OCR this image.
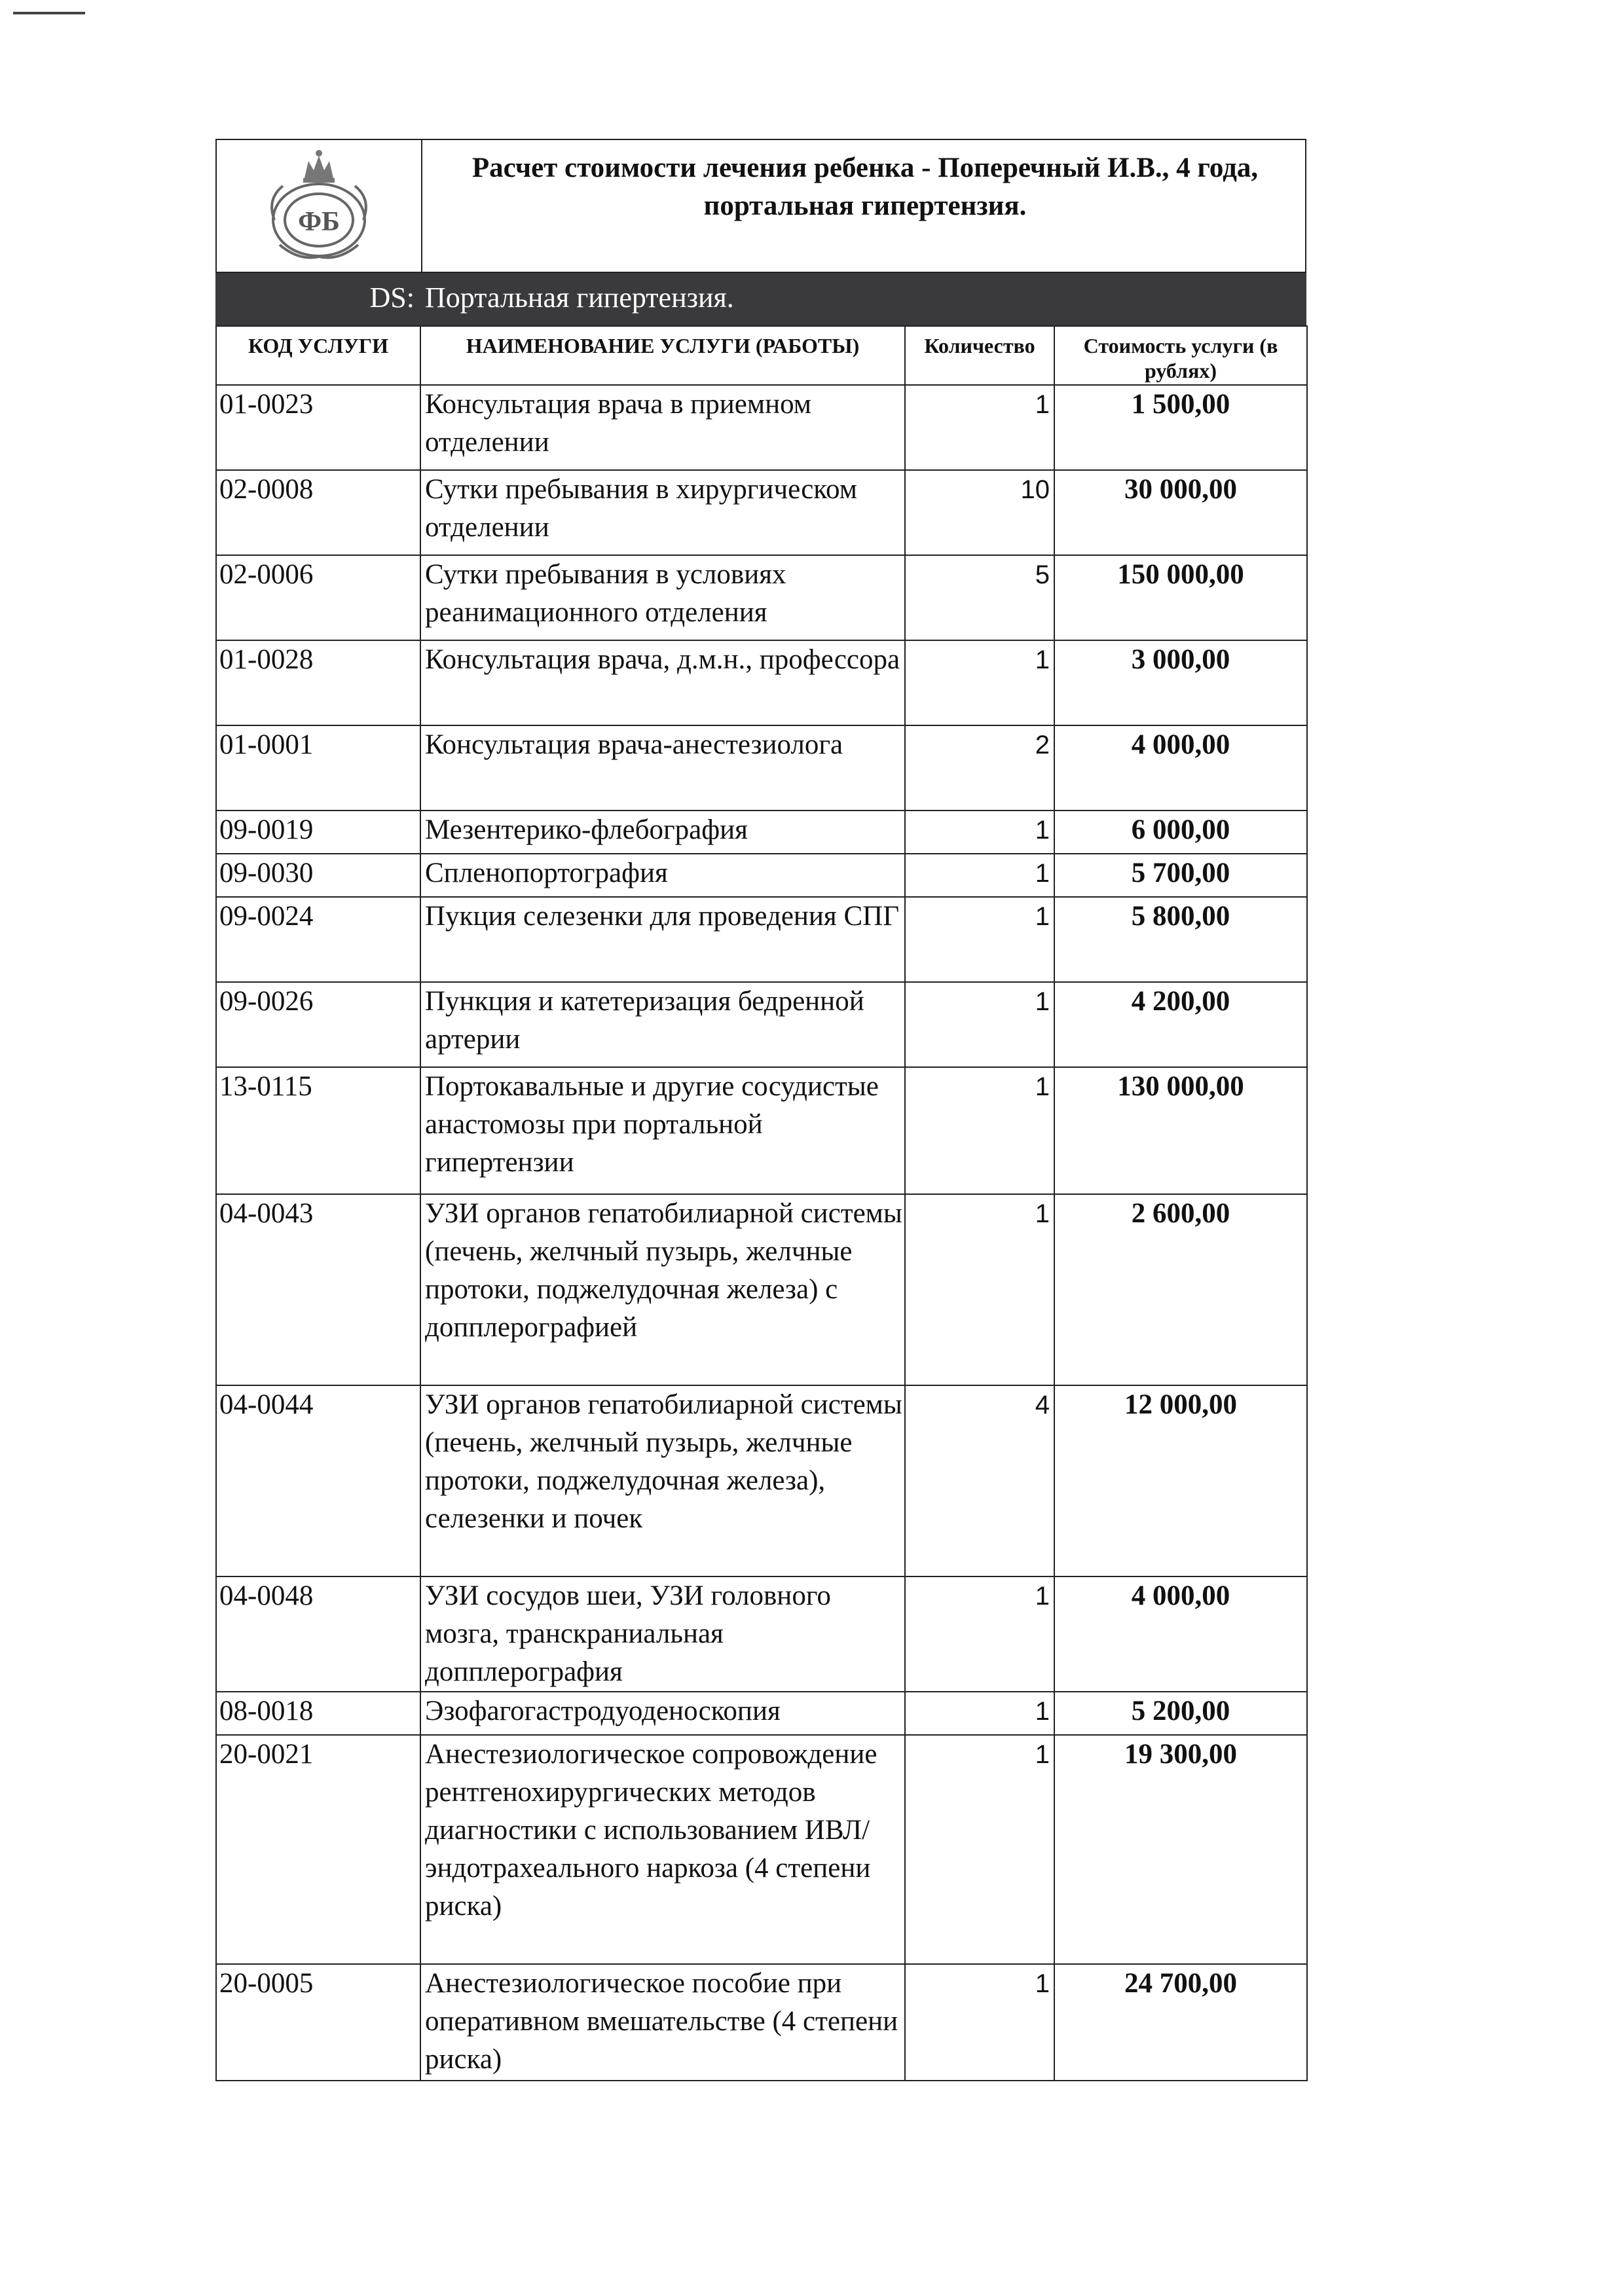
ФБ
Расчет стоимости лечения ребенка - Поперечный И.В., 4 года, портальная гипертензия.
DS: Портальная гипертензия.
КОД УСЛУГИ	НАИМЕНОВАНИЕ УСЛУГИ (РАБОТЫ)	Количество	Стоимость услуги (в рублях)
01-0023	Консультация врача в приемном отделении	1	1 500,00
02-0008	Сутки пребывания в хирургическом отделении	10	30 000,00
02-0006	Сутки пребывания в условиях реанимационного отделения	5	150 000,00
01-0028	Консультация врача, д.м.н., профессора	1	3 000,00
01-0001	Консультация врача-анестезиолога	2	4 000,00
09-0019	Мезентерико-флебография	1	6 000,00
09-0030	Спленопортография	1	5 700,00
09-0024	Пукция селезенки для проведения СПГ	1	5 800,00
09-0026	Пункция и катетеризация бедренной артерии	1	4 200,00
13-0115	Портокавальные и другие сосудистые анастомозы при портальной гипертензии	1	130 000,00
04-0043	УЗИ органов гепатобилиарной системы (печень, желчный пузырь, желчные протоки, поджелудочная железа) с допплерографией	1	2 600,00
04-0044	УЗИ органов гепатобилиарной системы (печень, желчный пузырь, желчные протоки, поджелудочная железа), селезенки и почек	4	12 000,00
04-0048	УЗИ сосудов шеи, УЗИ головного мозга, транскраниальная допплерография	1	4 000,00
08-0018	Эзофагогастродуоденоскопия	1	5 200,00
20-0021	Анестезиологическое сопровождение рентгенохирургических методов диагностики с использованием ИВЛ/эндотрахеального наркоза (4 степени риска)	1	19 300,00
20-0005	Анестезиологическое пособие при оперативном вмешательстве (4 степени риска)	1	24 700,00
